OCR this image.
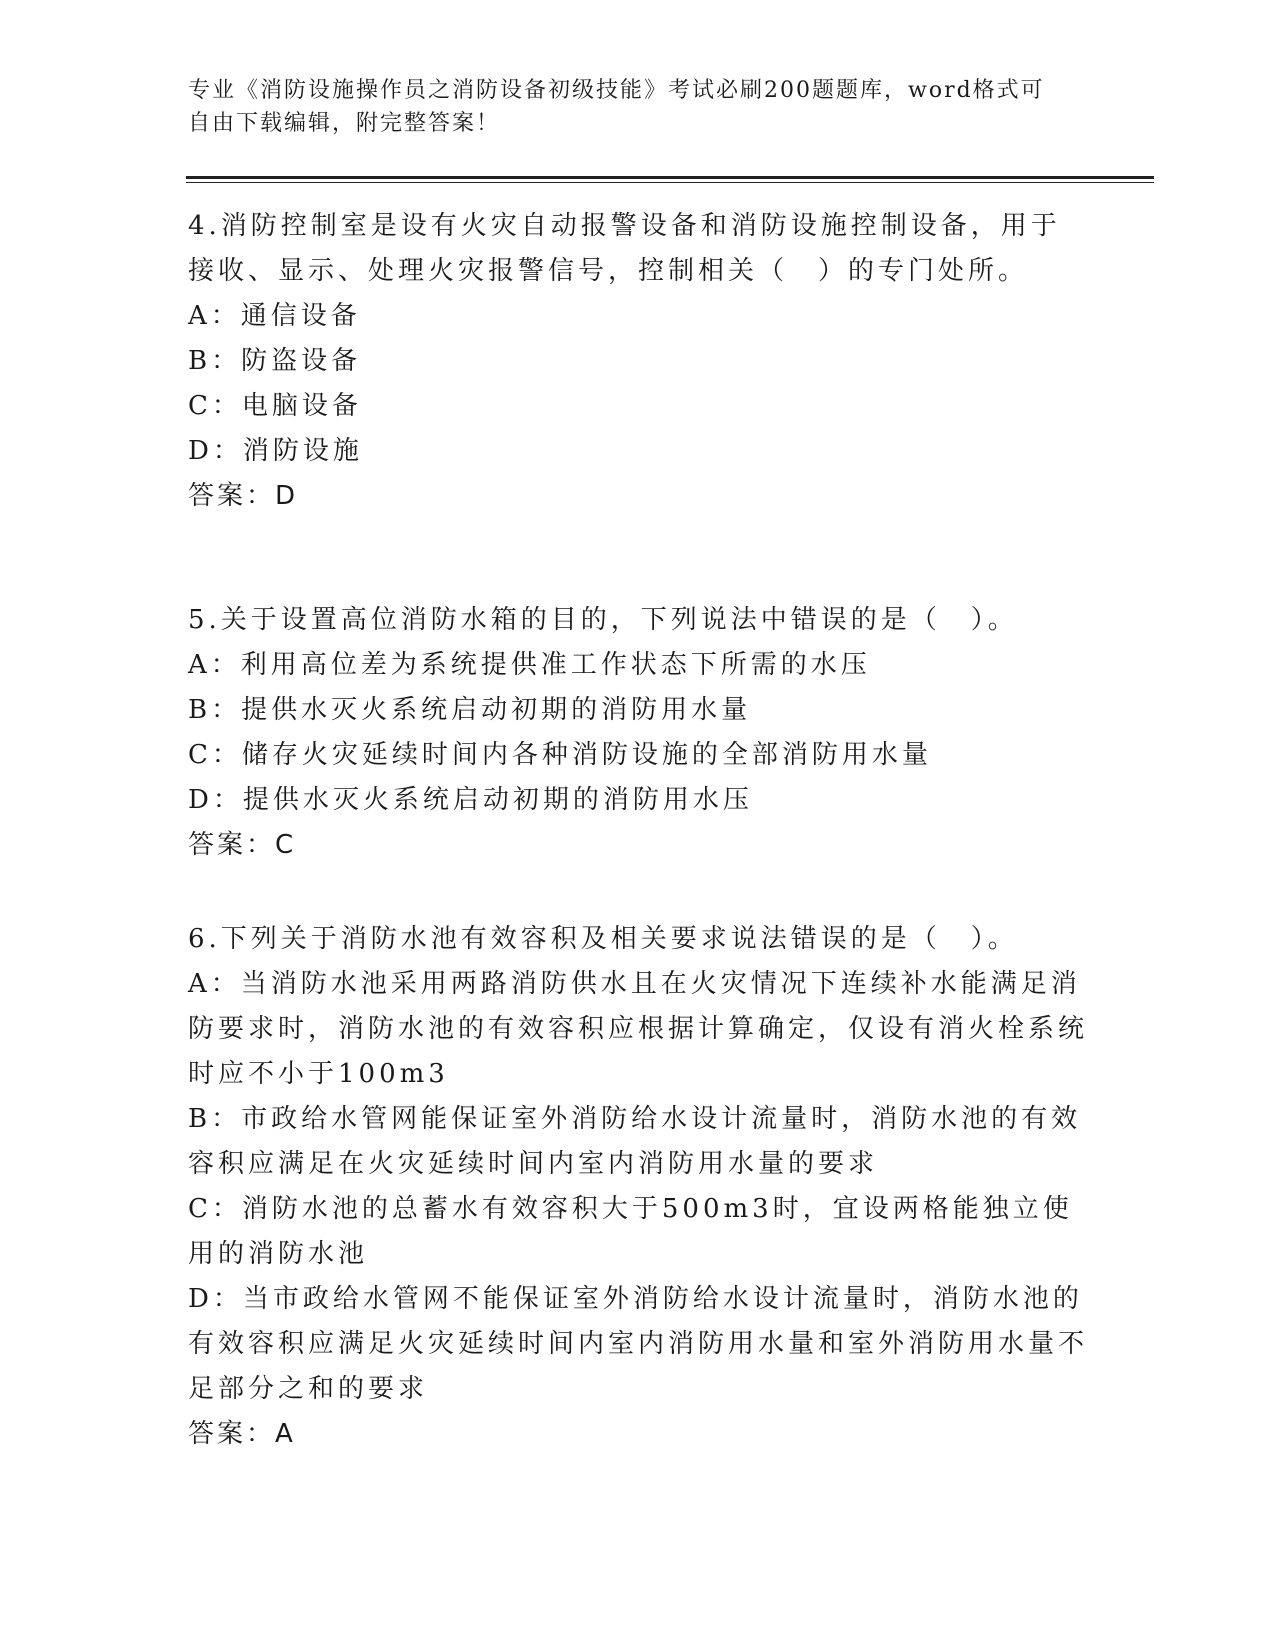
专业《消防设施操作员之消防设备初级技能》考试必刷200题题库，word格式可
自由下载编辑，附完整答案！
4.消防控制室是设有火灾自动报警设备和消防设施控制设备，用于接收、显示、处理火灾报警信号，控制相关（　）的专门处所。
A：通信设备
B：防盗设备
C：电脑设备
D：消防设施
答案：D
5.关于设置高位消防水箱的目的，下列说法中错误的是（　）。
A：利用高位差为系统提供准工作状态下所需的水压
B：提供水灭火系统启动初期的消防用水量
C：储存火灾延续时间内各种消防设施的全部消防用水量
D：提供水灭火系统启动初期的消防用水压
答案：C
6.下列关于消防水池有效容积及相关要求说法错误的是（　）。
A：当消防水池采用两路消防供水且在火灾情况下连续补水能满足消防要求时，消防水池的有效容积应根据计算确定，仅设有消火栓系统时应不小于100m3
B：市政给水管网能保证室外消防给水设计流量时，消防水池的有效容积应满足在火灾延续时间内室内消防用水量的要求
C：消防水池的总蓄水有效容积大于500m3时，宜设两格能独立使用的消防水池
D：当市政给水管网不能保证室外消防给水设计流量时，消防水池的有效容积应满足火灾延续时间内室内消防用水量和室外消防用水量不足部分之和的要求
答案：A
